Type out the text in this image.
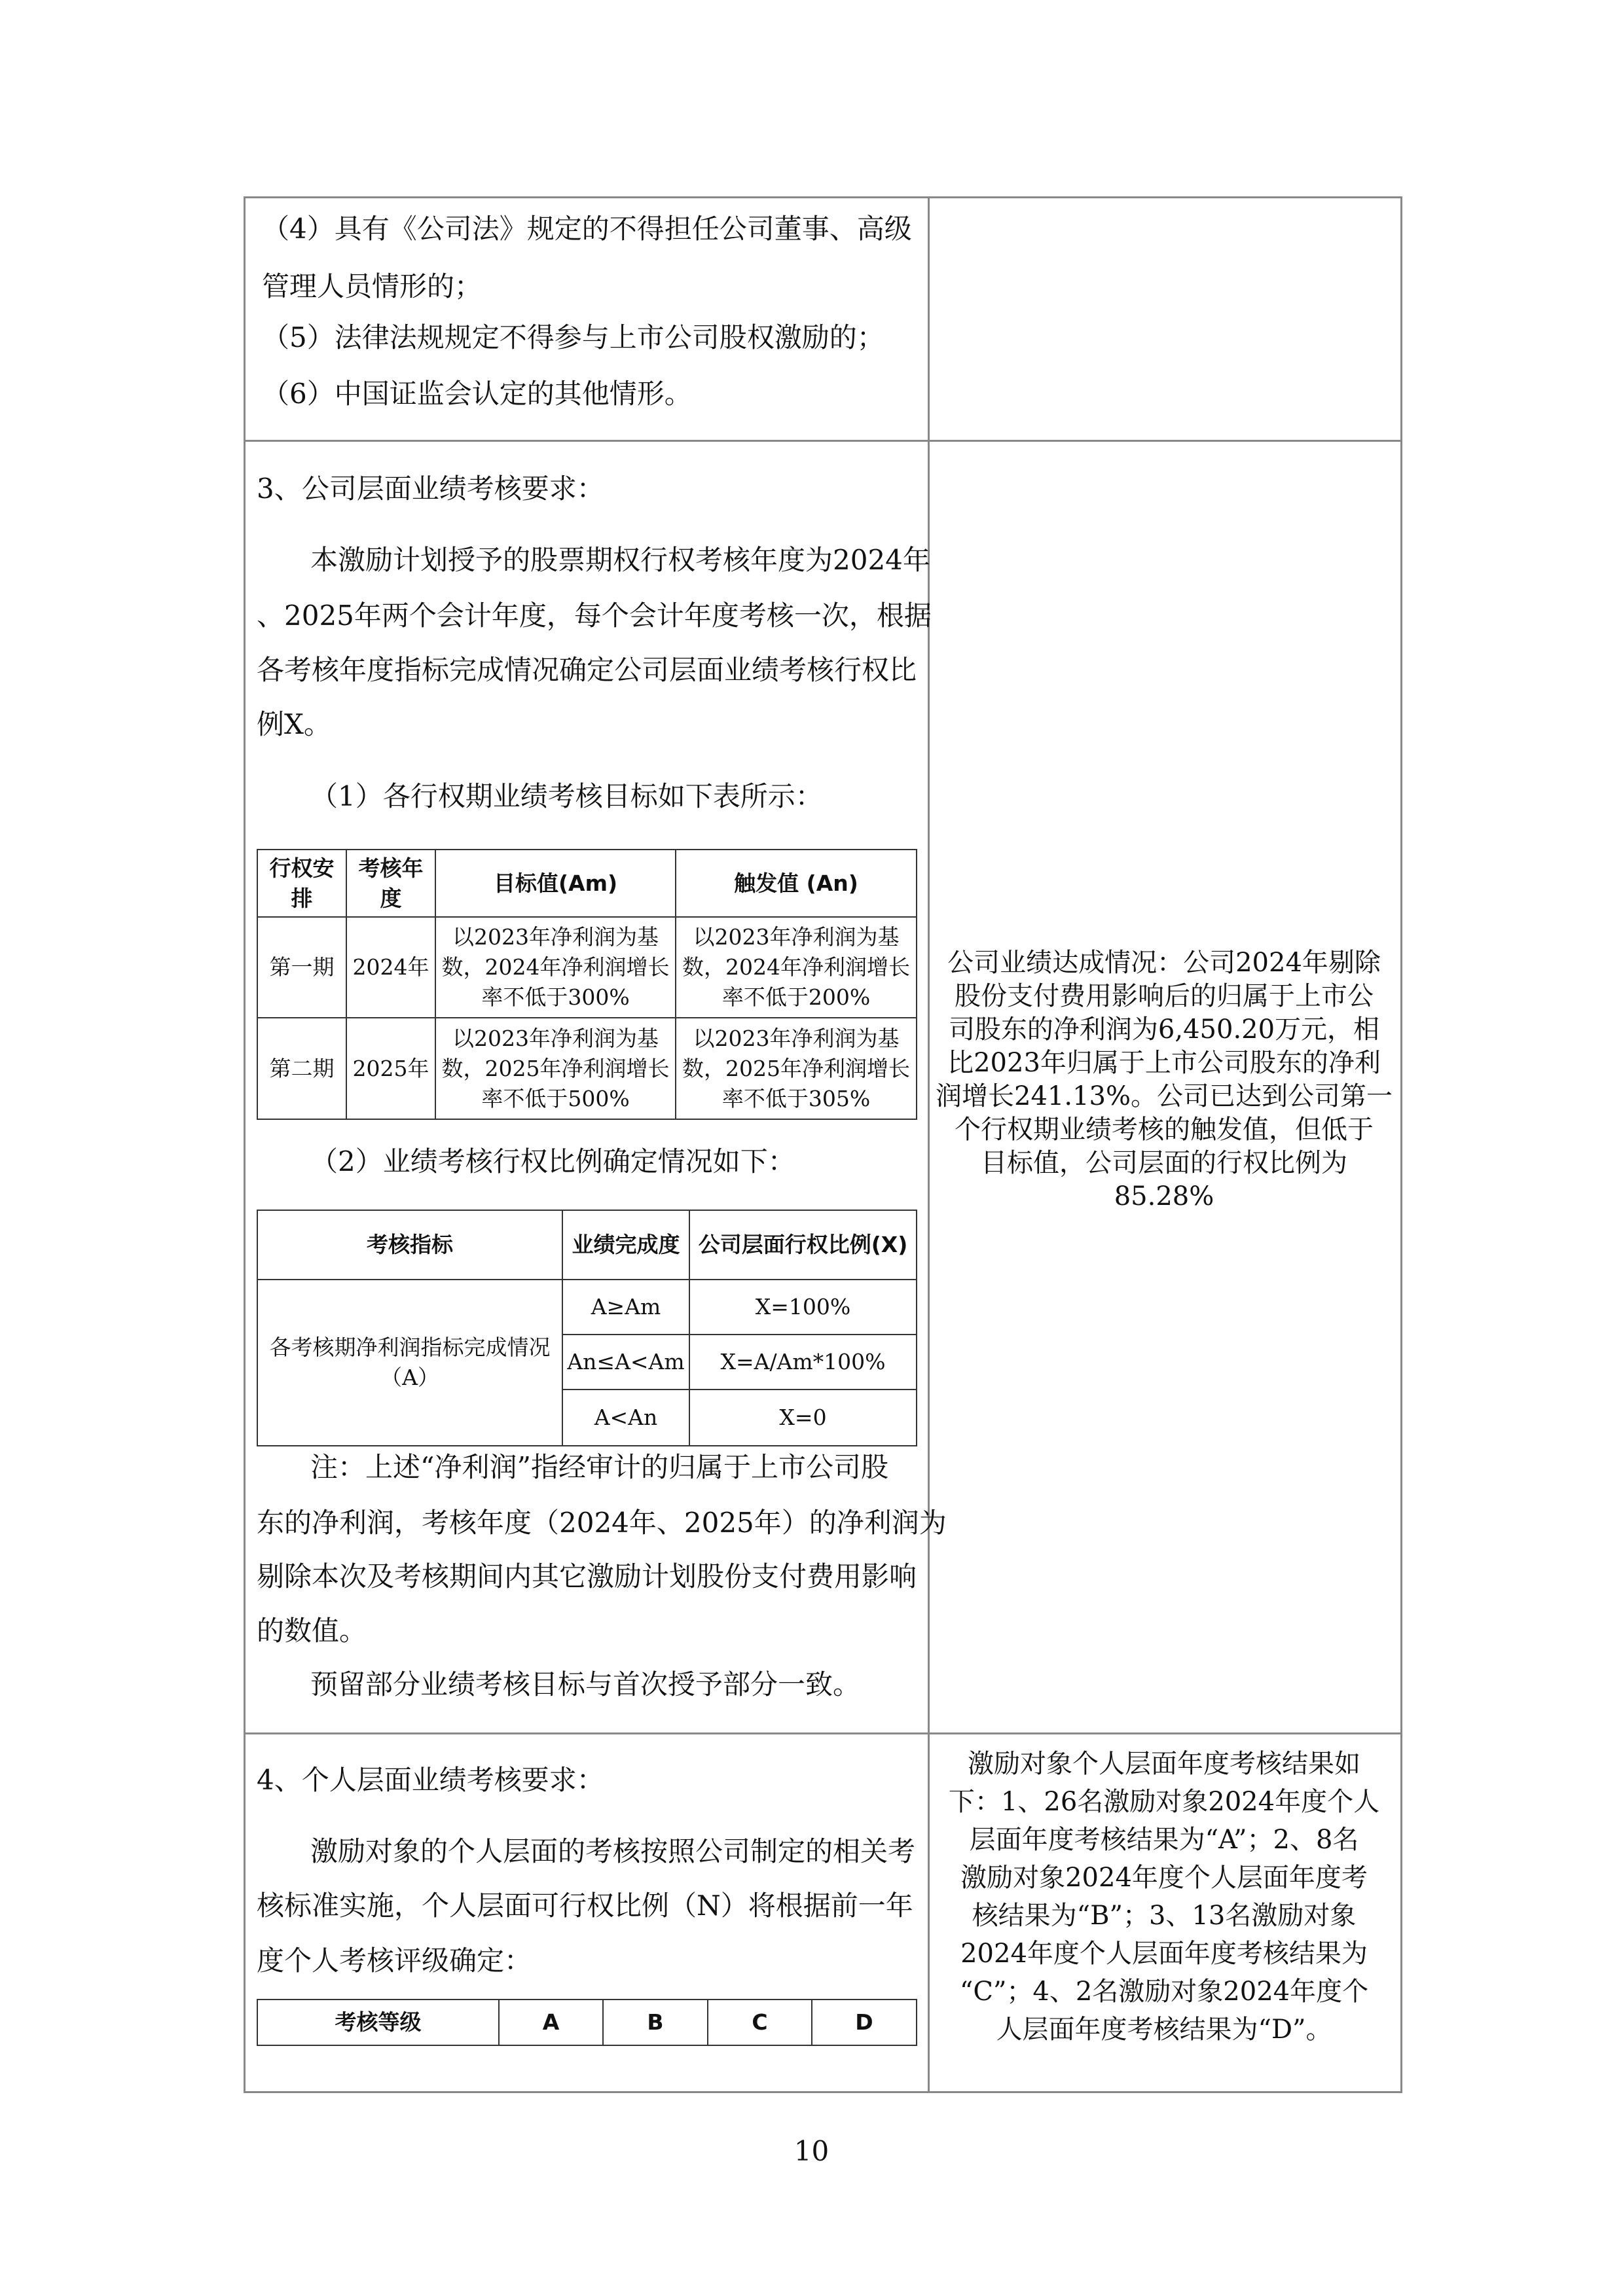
（4）具有《公司法》规定的不得担任公司董事、高级
管理人员情形的；
（5）法律法规规定不得参与上市公司股权激励的；
（6）中国证监会认定的其他情形。
3、公司层面业绩考核要求：
本激励计划授予的股票期权行权考核年度为2024年
、2025年两个会计年度，每个会计年度考核一次，根据
各考核年度指标完成情况确定公司层面业绩考核行权比
例X。
（1）各行权期业绩考核目标如下表所示：
行权安排	考核年度	目标值(Am)	触发值 (An)
第一期	2024年	以2023年净利润为基数，2024年净利润增长率不低于300%	以2023年净利润为基数，2024年净利润增长率不低于200%
第二期	2025年	以2023年净利润为基数，2025年净利润增长率不低于500%	以2023年净利润为基数，2025年净利润增长率不低于305%
（2）业绩考核行权比例确定情况如下：
考核指标	业绩完成度	公司层面行权比例(X)
各考核期净利润指标完成情况（A）	A≥Am	X=100%
	An≤A<Am	X=A/Am*100%
	A<An	X=0
注：上述“净利润”指经审计的归属于上市公司股
东的净利润，考核年度（2024年、2025年）的净利润为
剔除本次及考核期间内其它激励计划股份支付费用影响
的数值。
预留部分业绩考核目标与首次授予部分一致。
公司业绩达成情况：公司2024年剔除
股份支付费用影响后的归属于上市公
司股东的净利润为6,450.20万元，相
比2023年归属于上市公司股东的净利
润增长241.13%。公司已达到公司第一
个行权期业绩考核的触发值，但低于
目标值，公司层面的行权比例为
85.28%
4、个人层面业绩考核要求：
激励对象的个人层面的考核按照公司制定的相关考
核标准实施，个人层面可行权比例（N）将根据前一年
度个人考核评级确定：
考核等级	A	B	C	D
激励对象个人层面年度考核结果如
下：1、26名激励对象2024年度个人
层面年度考核结果为“A”；2、8名
激励对象2024年度个人层面年度考
核结果为“B”；3、13名激励对象
2024年度个人层面年度考核结果为
“C”；4、2名激励对象2024年度个
人层面年度考核结果为“D”。
10
